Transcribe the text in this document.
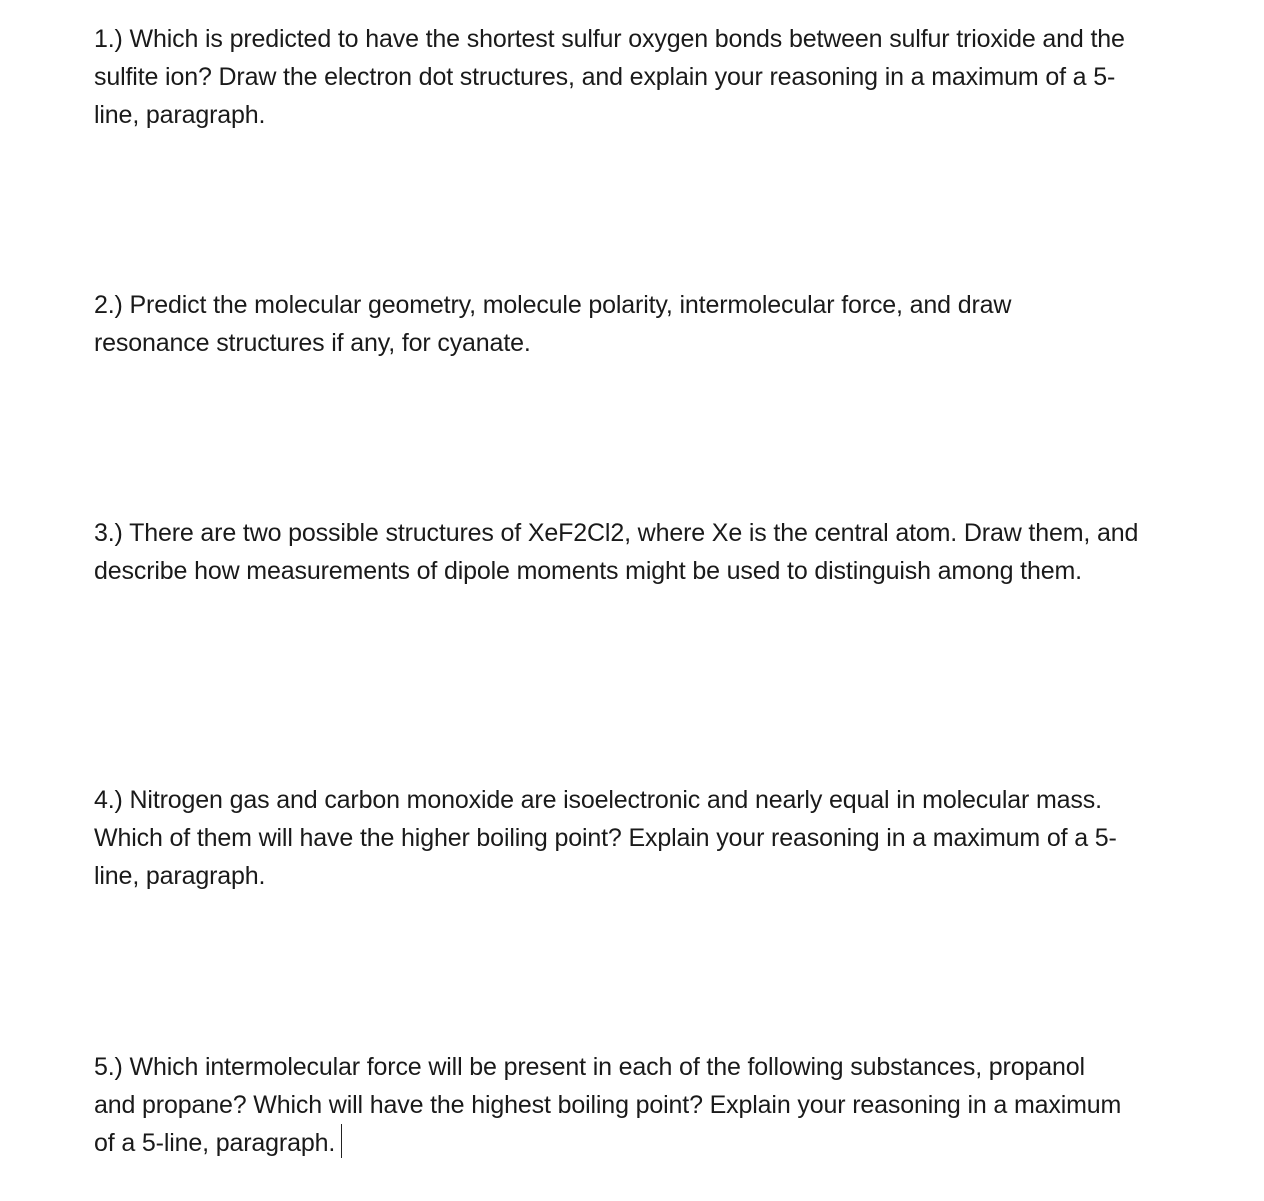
1.) Which is predicted to have the shortest sulfur oxygen bonds between sulfur trioxide and the
sulfite ion? Draw the electron dot structures, and explain your reasoning in a maximum of a 5-
line, paragraph.
2.) Predict the molecular geometry, molecule polarity, intermolecular force, and draw
resonance structures if any, for cyanate.
3.) There are two possible structures of XeF2Cl2, where Xe is the central atom. Draw them, and
describe how measurements of dipole moments might be used to distinguish among them.
4.) Nitrogen gas and carbon monoxide are isoelectronic and nearly equal in molecular mass.
Which of them will have the higher boiling point? Explain your reasoning in a maximum of a 5-
line, paragraph.
5.) Which intermolecular force will be present in each of the following substances, propanol
and propane? Which will have the highest boiling point? Explain your reasoning in a maximum
of a 5-line, paragraph.
